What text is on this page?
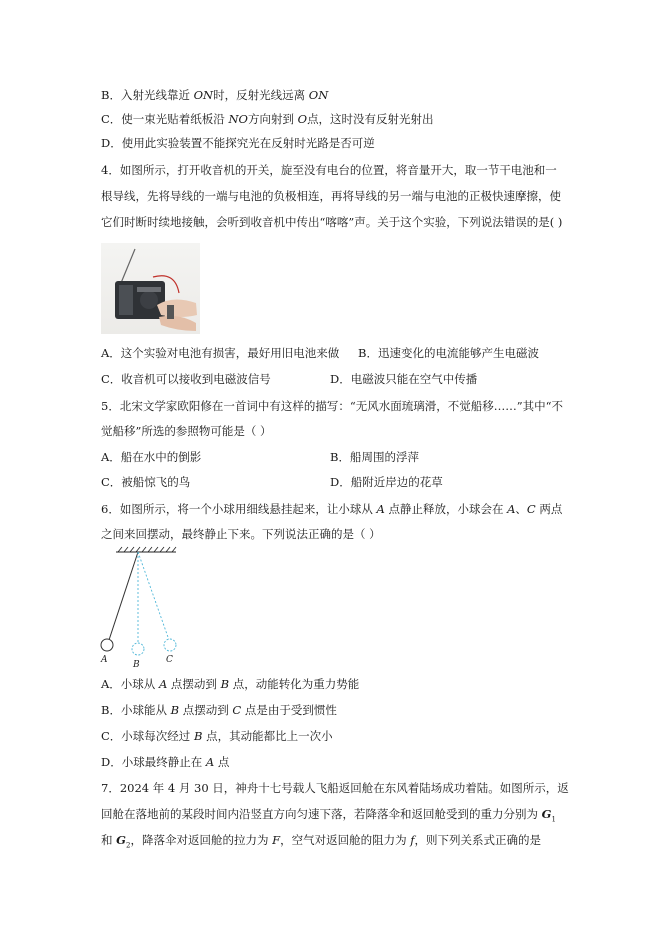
B．入射光线靠近 ON时，反射光线远离 ON
C．使一束光贴着纸板沿 NO方向射到 O点，这时没有反射光射出
D．使用此实验装置不能探究光在反射时光路是否可逆
4．如图所示，打开收音机的开关，旋至没有电台的位置，将音量开大，取一节干电池和一
根导线，先将导线的一端与电池的负极相连，再将导线的另一端与电池的正极快速摩擦，使
它们时断时续地接触，会听到收音机中传出“喀喀”声。关于这个实验，下列说法错误的是( )
A．这个实验对电池有损害，最好用旧电池来做 B．迅速变化的电流能够产生电磁波
C．收音机可以接收到电磁波信号	D．电磁波只能在空气中传播
5．北宋文学家欧阳修在一首词中有这样的描写：“无风水面琉璃滑，不觉船移……”其中“不
觉船移”所选的参照物可能是（ ）
A．船在水中的倒影	B．船周围的浮萍
C．被船惊飞的鸟	D．船附近岸边的花草
6．如图所示，将一个小球用细线悬挂起来，让小球从 A 点静止释放，小球会在 A、C 两点
之间来回摆动，最终静止下来。下列说法正确的是（ ）
A	B	C
A．小球从 A 点摆动到 B 点，动能转化为重力势能
B．小球能从 B 点摆动到 C 点是由于受到惯性
C．小球每次经过 B 点，其动能都比上一次小
D．小球最终静止在 A 点
7．2024 年 4 月 30 日，神舟十七号载人飞船返回舱在东风着陆场成功着陆。如图所示，返
回舱在落地前的某段时间内沿竖直方向匀速下落，若降落伞和返回舱受到的重力分别为 $G_1$
和 $G_2$，降落伞对返回舱的拉力为 F，空气对返回舱的阻力为 f，则下列关系式正确的是
